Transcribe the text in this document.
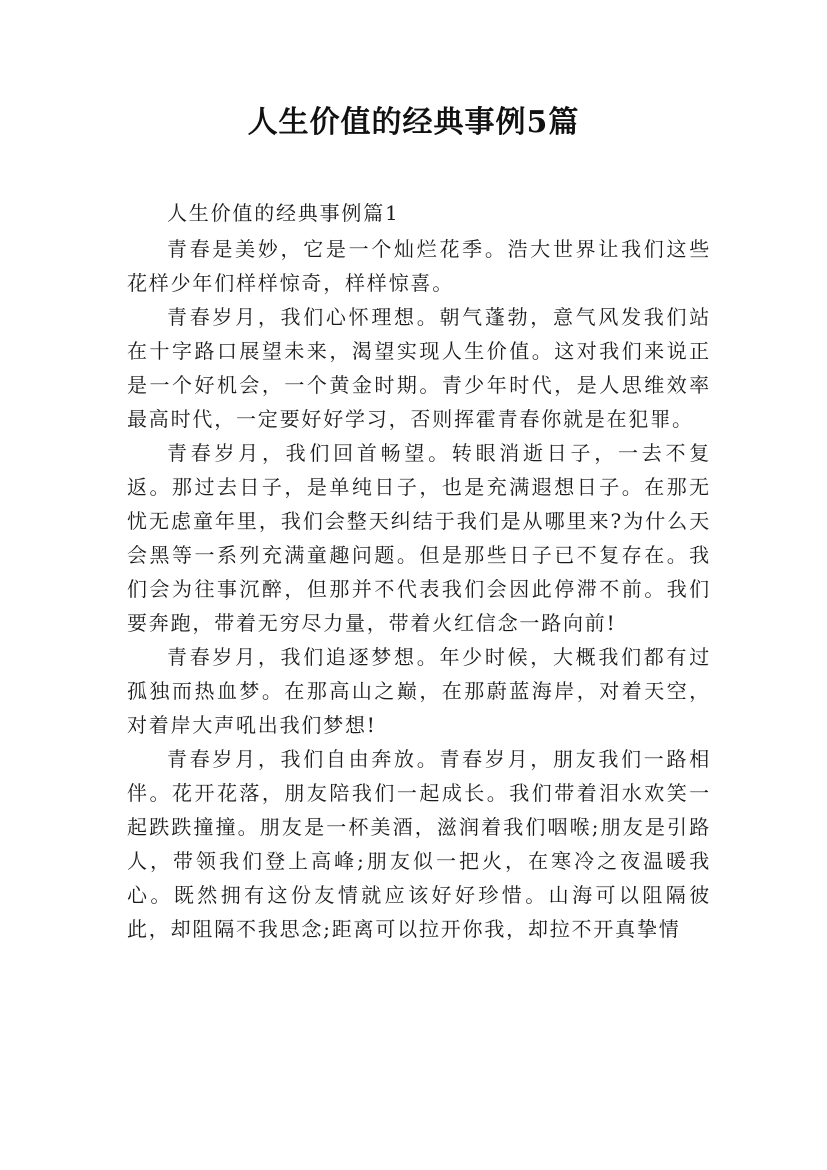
人生价值的经典事例5篇

人生价值的经典事例篇1

青春是美妙，它是一个灿烂花季。浩大世界让我们这些花样少年们样样惊奇，样样惊喜。

青春岁月，我们心怀理想。朝气蓬勃，意气风发我们站在十字路口展望未来，渴望实现人生价值。这对我们来说正是一个好机会，一个黄金时期。青少年时代，是人思维效率最高时代，一定要好好学习，否则挥霍青春你就是在犯罪。

青春岁月，我们回首畅望。转眼消逝日子，一去不复返。那过去日子，是单纯日子，也是充满遐想日子。在那无忧无虑童年里，我们会整天纠结于我们是从哪里来?为什么天会黑等一系列充满童趣问题。但是那些日子已不复存在。我们会为往事沉醉，但那并不代表我们会因此停滞不前。我们要奔跑，带着无穷尽力量，带着火红信念一路向前!

青春岁月，我们追逐梦想。年少时候，大概我们都有过孤独而热血梦。在那高山之巅，在那蔚蓝海岸，对着天空，对着岸大声吼出我们梦想!

青春岁月，我们自由奔放。青春岁月，朋友我们一路相伴。花开花落，朋友陪我们一起成长。我们带着泪水欢笑一起跌跌撞撞。朋友是一杯美酒，滋润着我们咽喉;朋友是引路人，带领我们登上高峰;朋友似一把火，在寒冷之夜温暖我心。既然拥有这份友情就应该好好珍惜。山海可以阻隔彼此，却阻隔不我思念;距离可以拉开你我，却拉不开真挚情
